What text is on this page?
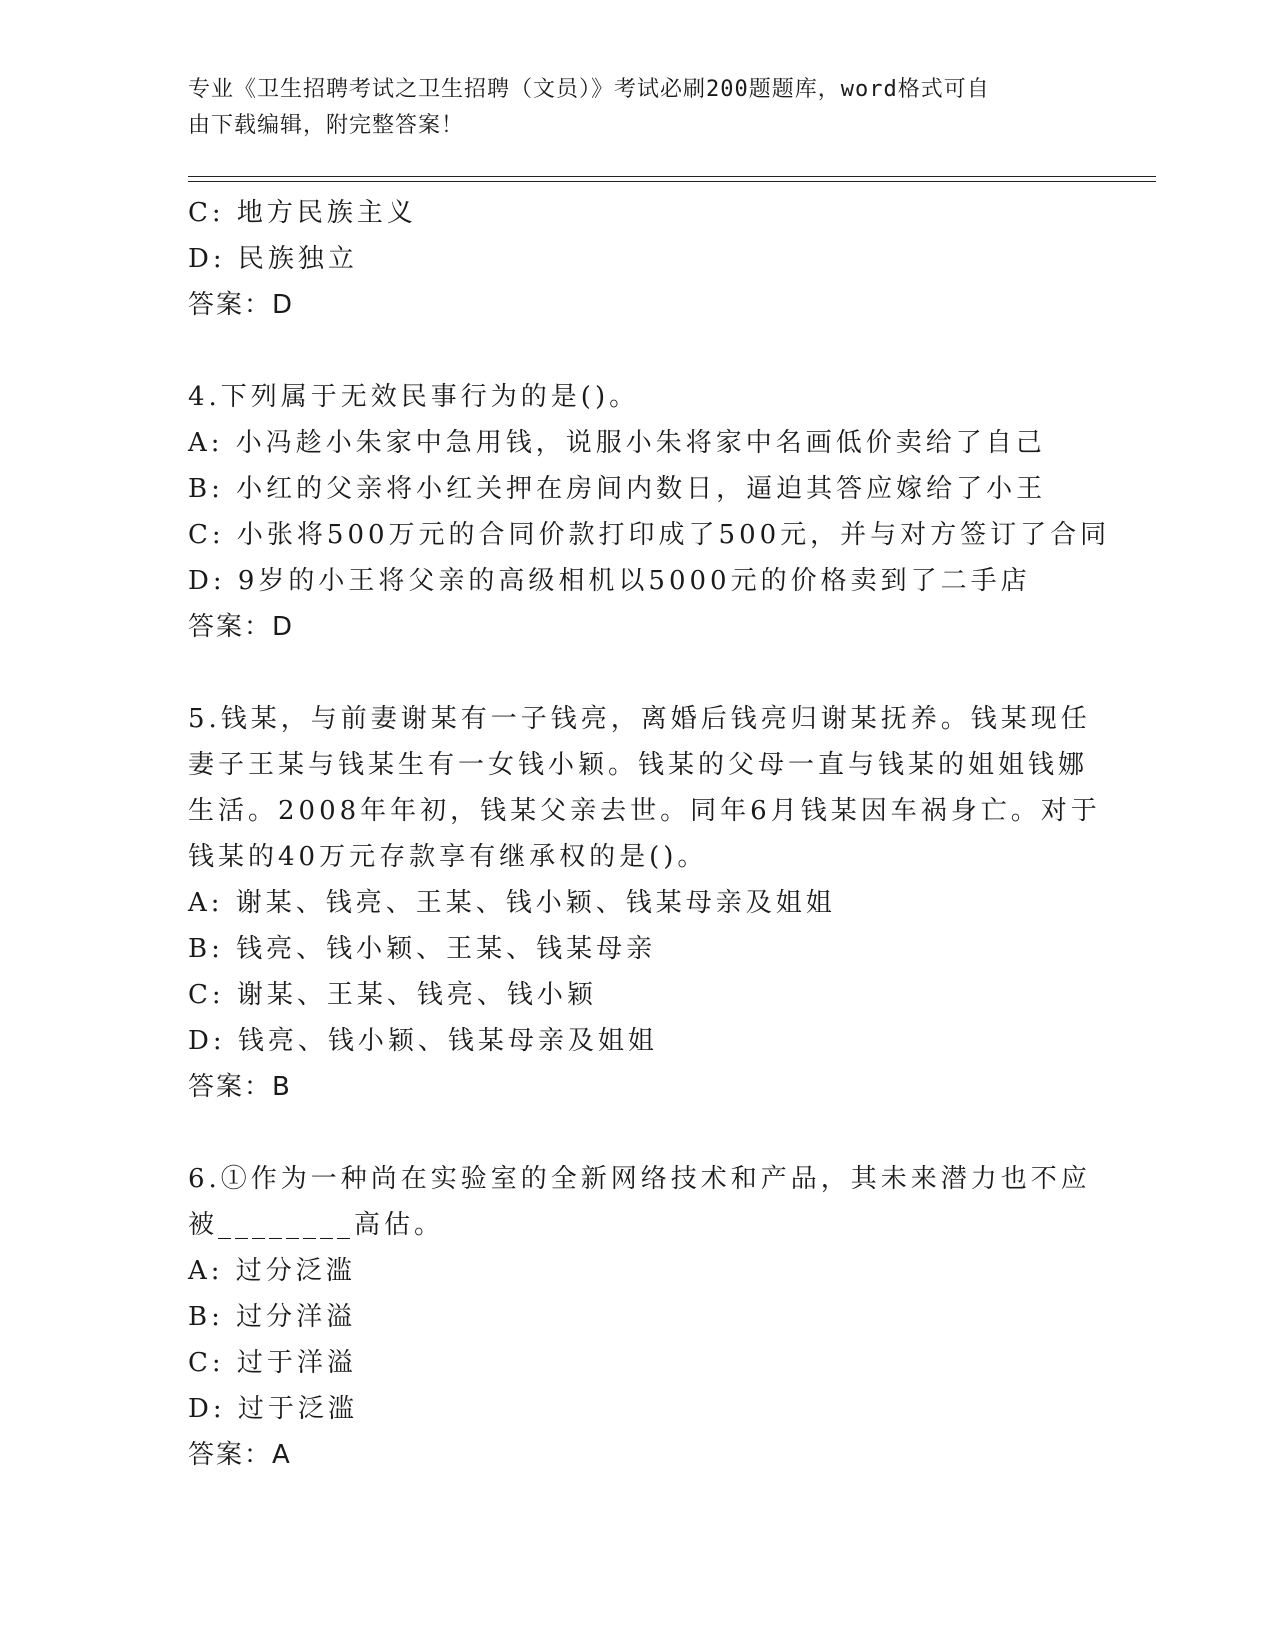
专业《卫生招聘考试之卫生招聘（文员）》考试必刷200题题库，word格式可自
由下载编辑，附完整答案！
C: 地方民族主义
D: 民族独立
答案：D
4.下列属于无效民事行为的是()。
A: 小冯趁小朱家中急用钱，说服小朱将家中名画低价卖给了自己
B: 小红的父亲将小红关押在房间内数日，逼迫其答应嫁给了小王
C: 小张将500万元的合同价款打印成了500元，并与对方签订了合同
D: 9岁的小王将父亲的高级相机以5000元的价格卖到了二手店
答案：D
5.钱某，与前妻谢某有一子钱亮，离婚后钱亮归谢某抚养。钱某现任
妻子王某与钱某生有一女钱小颖。钱某的父母一直与钱某的姐姐钱娜
生活。2008年年初，钱某父亲去世。同年6月钱某因车祸身亡。对于
钱某的40万元存款享有继承权的是()。
A: 谢某、钱亮、王某、钱小颖、钱某母亲及姐姐
B: 钱亮、钱小颖、王某、钱某母亲
C: 谢某、王某、钱亮、钱小颖
D: 钱亮、钱小颖、钱某母亲及姐姐
答案：B
6.①作为一种尚在实验室的全新网络技术和产品，其未来潜力也不应
被________高估。
A: 过分泛滥
B: 过分洋溢
C: 过于洋溢
D: 过于泛滥
答案：A
